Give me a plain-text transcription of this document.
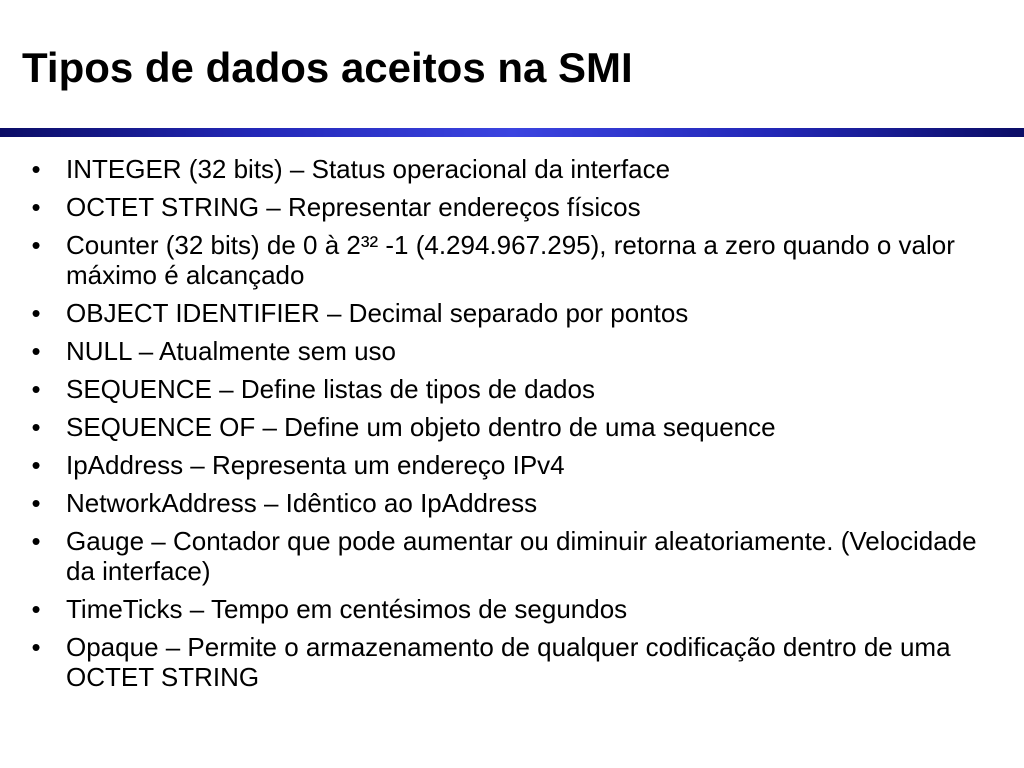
Tipos de dados aceitos na SMI
• INTEGER (32 bits) – Status operacional da interface
• OCTET STRING – Representar endereços físicos
• Counter (32 bits) de 0 à 2³² -1 (4.294.967.295), retorna a zero quando o valor máximo é alcançado
• OBJECT IDENTIFIER – Decimal separado por pontos
• NULL – Atualmente sem uso
• SEQUENCE – Define listas de tipos de dados
• SEQUENCE OF – Define um objeto dentro de uma sequence
• IpAddress – Representa um endereço IPv4
• NetworkAddress – Idêntico ao IpAddress
• Gauge – Contador que pode aumentar ou diminuir aleatoriamente. (Velocidade da interface)
• TimeTicks – Tempo em centésimos de segundos
• Opaque – Permite o armazenamento de qualquer codificação dentro de uma OCTET STRING
